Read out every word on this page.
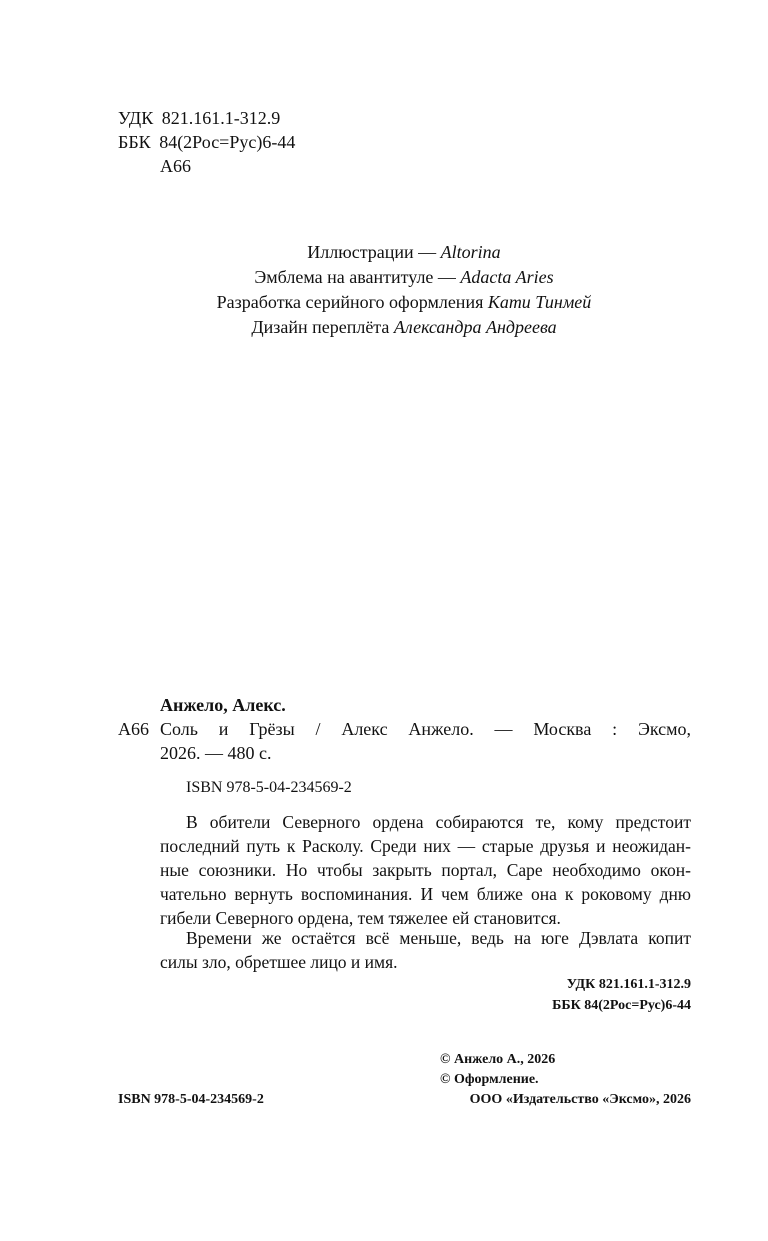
УДК 821.161.1-312.9
ББК 84(2Рос=Рус)6-44
А66
Иллюстрации — Altorina
Эмблема на авантитуле — Adacta Aries
Разработка серийного оформления Кати Тинмей
Дизайн переплёта Александра Андреева
Анжело, Алекс.
А66 Соль и Грёзы / Алекс Анжело. — Москва : Эксмо,
2026. — 480 с.
ISBN 978-5-04-234569-2
В обители Северного ордена собираются те, кому предстоит
последний путь к Расколу. Среди них — старые друзья и неожидан-
ные союзники. Но чтобы закрыть портал, Саре необходимо окон-
чательно вернуть воспоминания. И чем ближе она к роковому дню
гибели Северного ордена, тем тяжелее ей становится.
Времени же остаётся всё меньше, ведь на юге Дэвлата копит
силы зло, обретшее лицо и имя.
УДК 821.161.1-312.9
ББК 84(2Рос=Рус)6-44
© Анжело А., 2026
© Оформление.
ООО «Издательство «Эксмо», 2026
ISBN 978-5-04-234569-2
